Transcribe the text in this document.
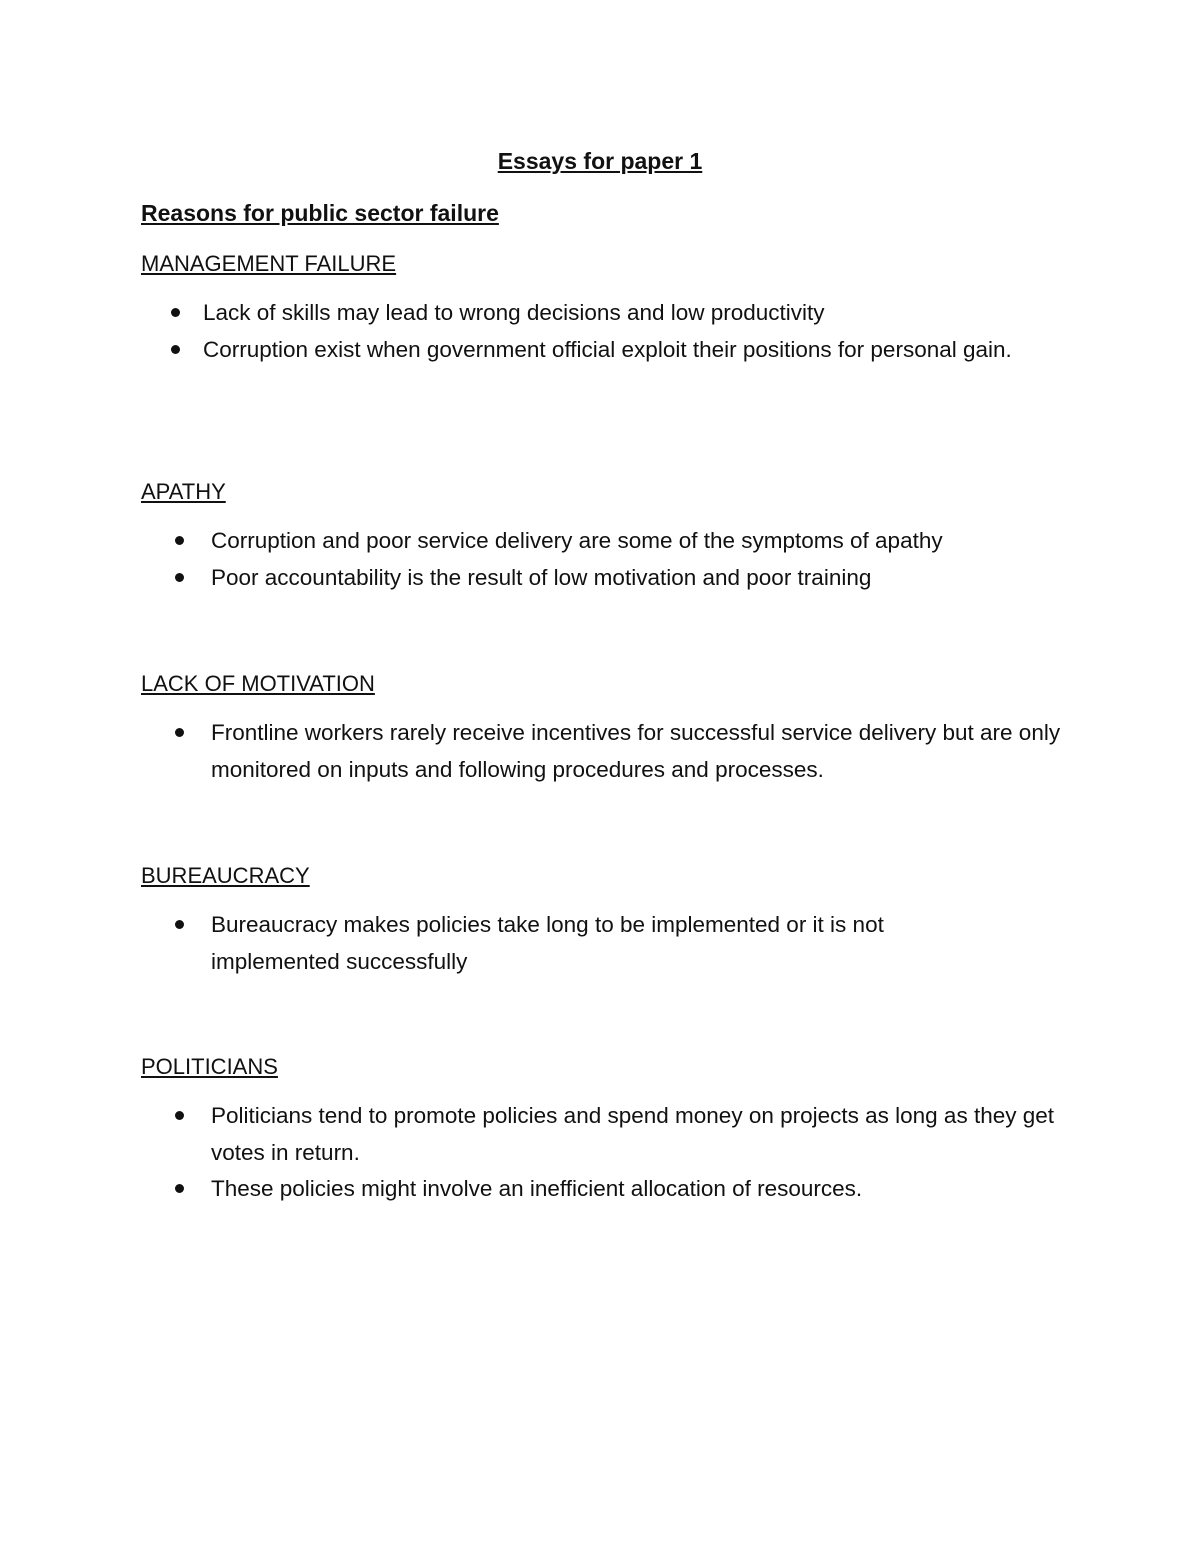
Essays for paper 1
Reasons for public sector failure
MANAGEMENT FAILURE
Lack of skills may lead to wrong decisions and low productivity
Corruption exist when government official exploit their positions for personal gain.
APATHY
Corruption and poor service delivery are some of the symptoms of apathy
Poor accountability is the result of low motivation and poor training
LACK OF MOTIVATION
Frontline workers rarely receive incentives for successful service delivery but are only monitored on inputs and following procedures and processes.
BUREAUCRACY
Bureaucracy makes policies take long to be implemented or it is not implemented successfully
POLITICIANS
Politicians tend to promote policies and spend money on projects as long as they get votes in return.
These policies might involve an inefficient allocation of resources.
